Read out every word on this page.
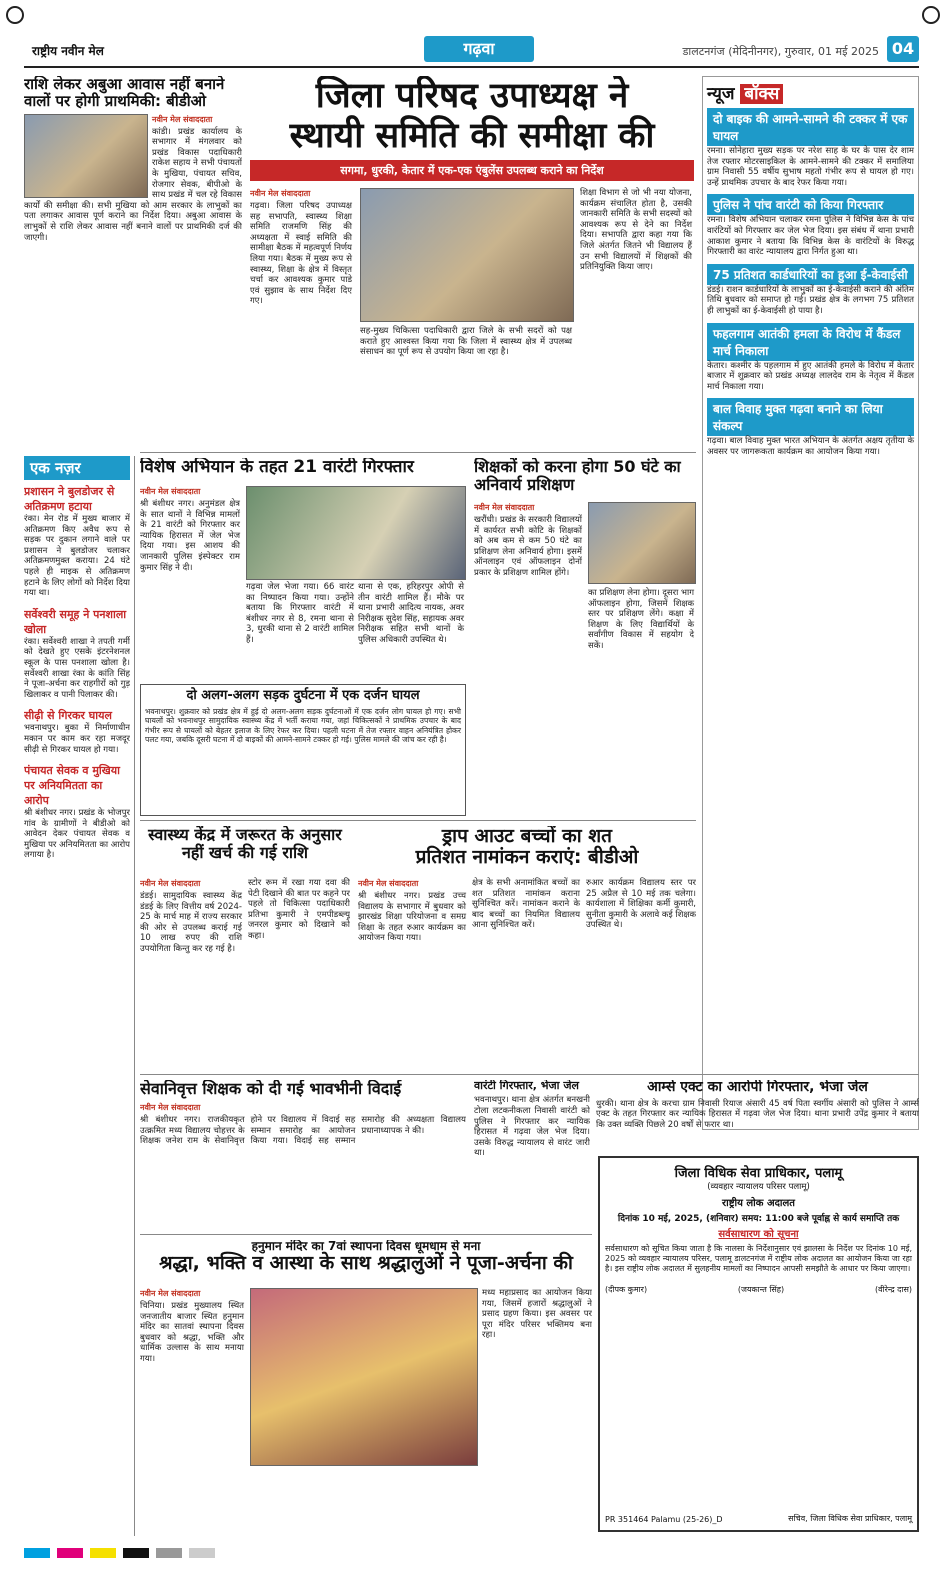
राष्ट्रीय नवीन मेल	गढ़वा	डालटनगंज (मेदिनीनगर), गुरुवार, 01 मई 2025 04
राशि लेकर अबुआ आवास नहीं बनाने वालों पर होगी प्राथमिकी: बीडीओ
नवीन मेल संवाददाता
कांडी। प्रखंड कार्यालय के सभागार में मंगलवार को प्रखंड विकास पदाधिकारी राकेश सहाय ने सभी पंचायतों के मुखिया, पंचायत सचिव, रोजगार सेवक, बीपीओ के साथ प्रखंड में चल रहे विकास कार्यों की समीक्षा की। सभी मुखिया को आम सरकार के लाभुकों का पता लगाकर आवास पूर्ण कराने का निर्देश दिया। अबुआ आवास के लाभुकों से राशि लेकर आवास नहीं बनाने वालों पर प्राथमिकी दर्ज की जाएगी।
एक नज़र
प्रशासन ने बुलडोजर से अतिक्रमण हटाया
रंका। मेन रोड में मुख्य बाजार में अतिक्रमण किए अवैध रूप से सड़क पर दुकान लगाने वाले पर प्रशासन ने बुलडोजर चलाकर अतिक्रमणमुक्त कराया। 24 घंटे पहले ही माइक से अतिक्रमण हटाने के लिए लोगों को निर्देश दिया गया था।
सर्वेश्वरी समूह ने पनशाला खोला
रंका। सर्वेश्वरी शाखा ने तपती गर्मी को देखते हुए एसके इंटरनेशनल स्कूल के पास पनशाला खोला है। सर्वेश्वरी शाखा रंका के कांति सिंह ने पूजा-अर्चना कर राहगीरों को गुड़ खिलाकर व पानी पिलाकर की।
सीढ़ी से गिरकर घायल
भवनाथपुर। बुका में निर्माणाधीन मकान पर काम कर रहा मजदूर सीढ़ी से गिरकर घायल हो गया।
पंचायत सेवक व मुखिया पर अनियमितता का आरोप
श्री बंशीधर नगर। प्रखंड के भोजपुर गांव के ग्रामीणों ने बीडीओ को आवेदन देकर पंचायत सेवक व मुखिया पर अनियमितता का आरोप लगाया है।
जिला परिषद उपाध्यक्ष ने
स्थायी समिति की समीक्षा की
सगमा, धुरकी, केतार में एक-एक एंबुलेंस उपलब्ध कराने का निर्देश
नवीन मेल संवाददाता
गढ़वा। जिला परिषद उपाध्यक्ष सह सभापति, स्वास्थ्य शिक्षा समिति राजमणि सिंह की अध्यक्षता में स्वाई समिति की सामीक्षा बैठक में महत्वपूर्ण निर्णय लिया गया। बैठक में मुख्य रूप से स्वास्थ्य, शिक्षा के क्षेत्र में विस्तृत चर्चा कर आवश्यक कुमार पाडे एवं सुझाव के साथ निर्देश दिए गए।
सह-मुख्य चिकित्सा पदाधिकारी द्वारा जिले के सभी सदरों को पक्ष कराते हुए आश्वस्त किया गया कि जिला में स्वास्थ्य क्षेत्र में उपलब्ध संसाधन का पूर्ण रूप से उपयोग किया जा रहा है।
शिक्षा विभाग से जो भी नया योजना, कार्यक्रम संचालित होता है, उसकी जानकारी समिति के सभी सदस्यों को आवश्यक रूप से देने का निर्देश दिया। सभापति द्वारा कहा गया कि जिले अंतर्गत जितने भी विद्यालय हैं उन सभी विद्यालयों में शिक्षकों की प्रतिनियुक्ति किया जाए।
न्यूज बॉक्स
दो बाइक की आमने-सामने की टक्कर में एक घायल
रमना। सोनेहारा मुख्य सड़क पर नरेश साह के घर के पास देर शाम तेज रफ्तार मोटरसाइकिल के आमने-सामने की टक्कर में समालिया ग्राम निवासी 55 वर्षीय सुभाष महतो गंभीर रूप से घायल हो गए। उन्हें प्राथमिक उपचार के बाद रेफर किया गया।
पुलिस ने पांच वारंटी को किया गिरफ्तार
रमना। विशेष अभियान चलाकर रमना पुलिस ने विभिन्न केस के पांच वारंटियों को गिरफ्तार कर जेल भेज दिया। इस संबंध में थाना प्रभारी आकाश कुमार ने बताया कि विभिन्न केस के वारंटियों के विरुद्ध गिरफ्तारी का वारंट न्यायालय द्वारा निर्गत हुआ था।
75 प्रतिशत कार्डधारियों का हुआ ई-केवाईसी
डंडई। राशन कार्डधारियों के लाभुकों का ई-केवाईसी कराने की अंतिम तिथि बुधवार को समाप्त हो गई। प्रखंड क्षेत्र के लगभग 75 प्रतिशत ही लाभुकों का ई-केवाईसी हो पाया है।
फहलगाम आतंकी हमला के विरोध में कैंडल मार्च निकाला
केतार। कश्मीर के पहलगाम में हुए आतंकी हमले के विरोध में केतार बाजार में शुक्रवार को प्रखंड अध्यक्ष लालदेव राम के नेतृत्व में कैंडल मार्च निकाला गया।
बाल विवाह मुक्त गढ़वा बनाने का लिया संकल्प
गढ़वा। बाल विवाह मुक्त भारत अभियान के अंतर्गत अक्षय तृतीया के अवसर पर जागरूकता कार्यक्रम का आयोजन किया गया।
विशेष अभियान के तहत 21 वारंटी गिरफ्तार
नवीन मेल संवाददाता
श्री बंशीधर नगर। अनुमंडल क्षेत्र के सात थानों ने विभिन्न मामलों के 21 वारंटी को गिरफ्तार कर न्यायिक हिरासत में जेल भेज दिया गया। इस आशय की जानकारी पुलिस इंस्पेक्टर राम कुमार सिंह ने दी।
गढ़वा जेल भेजा गया। 66 वारंट का निष्पादन किया गया। उन्होंने बताया कि गिरफ्तार वारंटी में बंशीधर नगर से 8, रमना थाना से 3, धुरकी थाना से 2 वारंटी शामिल हैं।
थाना से एक, हरिहरपुर ओपी से तीन वारंटी शामिल हैं। मौके पर थाना प्रभारी आदित्य नायक, अवर निरीक्षक सुदेश सिंह, सहायक अवर निरीक्षक सहित सभी थानों के पुलिस अधिकारी उपस्थित थे।
शिक्षकों को करना होगा 50 घंटे का अनिवार्य प्रशिक्षण
नवीन मेल संवाददाता
खरौंधी। प्रखंड के सरकारी विद्यालयों में कार्यरत सभी कोटि के शिक्षकों को अब कम से कम 50 घंटे का प्रशिक्षण लेना अनिवार्य होगा। इसमें ऑनलाइन एवं ऑफलाइन दोनों प्रकार के प्रशिक्षण शामिल होंगे।
का प्रशिक्षण लेना होगा। दूसरा भाग ऑफलाइन होगा, जिसमें शिक्षक स्तर पर प्रशिक्षण लेंगे। कक्षा में शिक्षण के लिए विद्यार्थियों के सर्वांगीण विकास में सहयोग दे सकें।
दो अलग-अलग सड़क दुर्घटना में एक दर्जन घायल
भवनाथपुर। शुक्रवार को प्रखंड क्षेत्र में हुई दो अलग-अलग सड़क दुर्घटनाओं में एक दर्जन लोग घायल हो गए। सभी घायलों को भवनाथपुर सामुदायिक स्वास्थ्य केंद्र में भर्ती कराया गया, जहां चिकित्सकों ने प्राथमिक उपचार के बाद गंभीर रूप से घायलों को बेहतर इलाज के लिए रेफर कर दिया। पहली घटना में तेज रफ्तार वाहन अनियंत्रित होकर पलट गया, जबकि दूसरी घटना में दो बाइकों की आमने-सामने टक्कर हो गई। पुलिस मामले की जांच कर रही है।
स्वास्थ्य केंद्र में जरूरत के अनुसार नहीं खर्च की गई राशि
नवीन मेल संवाददाता
डंडई। सामुदायिक स्वास्थ्य केंद्र डंडई के लिए वित्तीय वर्ष 2024-25 के मार्च माह में राज्य सरकार की ओर से उपलब्ध कराई गई 10 लाख रुपए की राशि उपयोगिता किन्तु कर रह गई है।
स्टोर रूम में रखा गया दवा की पेटी दिखाने की बात पर कहने पर पहले तो चिकित्सा पदाधिकारी प्रतिभा कुमारी ने एमपीडब्ल्यू जनरल कुमार को दिखाने को कहा।
ड्राप आउट बच्चों का शत
प्रतिशत नामांकन कराएं: बीडीओ
नवीन मेल संवाददाता
श्री बंशीधर नगर। प्रखंड उच्च विद्यालय के सभागार में बुधवार को झारखंड शिक्षा परियोजना व समग्र शिक्षा के तहत रुआर कार्यक्रम का आयोजन किया गया।
क्षेत्र के सभी अनामांकित बच्चों का शत प्रतिशत नामांकन कराना सुनिश्चित करें। नामांकन कराने के बाद बच्चों का नियमित विद्यालय आना सुनिश्चित करें।
रुआर कार्यक्रम विद्यालय स्तर पर 25 अप्रैल से 10 मई तक चलेगा। कार्यशाला में शिक्षिका कर्मी कुमारी, सुनीता कुमारी के अलावे कई शिक्षक उपस्थित थे।
सेवानिवृत्त शिक्षक को दी गई भावभीनी विदाई
नवीन मेल संवाददाता
श्री बंशीधर नगर। राजकीयकृत उत्क्रमित मध्य विद्यालय चोहत्तर के शिक्षक जनेश राम के सेवानिवृत्त होने पर विद्यालय में विदाई सह सम्मान समारोह का आयोजन किया गया। विदाई सह सम्मान समारोह की अध्यक्षता विद्यालय प्रधानाध्यापक ने की।
वारंटी गिरफ्तार, भेजा जेल
भवनाथपुर। थाना क्षेत्र अंतर्गत बनखनी टोला लटकनीकला निवासी वारंटी को पुलिस ने गिरफ्तार कर न्यायिक हिरासत में गढ़वा जेल भेज दिया। उसके विरुद्ध न्यायालय से वारंट जारी था।
आर्म्स एक्ट का आरोपी गिरफ्तार, भेजा जेल
धुरकी। थाना क्षेत्र के करचा ग्राम निवासी रियाज अंसारी 45 वर्ष पिता स्वर्गीय अंसारी को पुलिस ने आर्म्स एक्ट के तहत गिरफ्तार कर न्यायिक हिरासत में गढ़वा जेल भेज दिया। थाना प्रभारी उपेंद्र कुमार ने बताया कि उक्त व्यक्ति पिछले 20 वर्षों से फरार था।
जिला विधिक सेवा प्राधिकार, पलामू
(व्यवहार न्यायालय परिसर पलामू)
राष्ट्रीय लोक अदालत
दिनांक 10 मई, 2025, (शनिवार) समय: 11:00 बजे पूर्वाह्न से कार्य समाप्ति तक
सर्वसाधारण को सूचना
सर्वसाधारण को सूचित किया जाता है कि नालसा के निर्देशानुसार एवं झालसा के निर्देश पर दिनांक 10 मई, 2025 को व्यवहार न्यायालय परिसर, पलामू डालटनगंज में राष्ट्रीय लोक अदालत का आयोजन किया जा रहा है। इस राष्ट्रीय लोक अदालत में सुलहनीय मामलों का निष्पादन आपसी समझौते के आधार पर किया जाएगा।
(दीपक कुमार)	(जयकान्त सिंह)	(वीरेन्द्र दास)
PR 351464 Palamu (25-26)_D	सचिव, जिला विधिक सेवा प्राधिकार, पलामू
हनुमान मंदिर का 7वां स्थापना दिवस धूमधाम से मना
श्रद्धा, भक्ति व आस्था के साथ श्रद्धालुओं ने पूजा-अर्चना की
नवीन मेल संवाददाता
चिनिया। प्रखंड मुख्यालय स्थित जनजातीय बाजार स्थित हनुमान मंदिर का सातवां स्थापना दिवस बुधवार को श्रद्धा, भक्ति और धार्मिक उल्लास के साथ मनाया गया।
मध्य महाप्रसाद का आयोजन किया गया, जिसमें हजारों श्रद्धालुओं ने प्रसाद ग्रहण किया। इस अवसर पर पूरा मंदिर परिसर भक्तिमय बना रहा।
